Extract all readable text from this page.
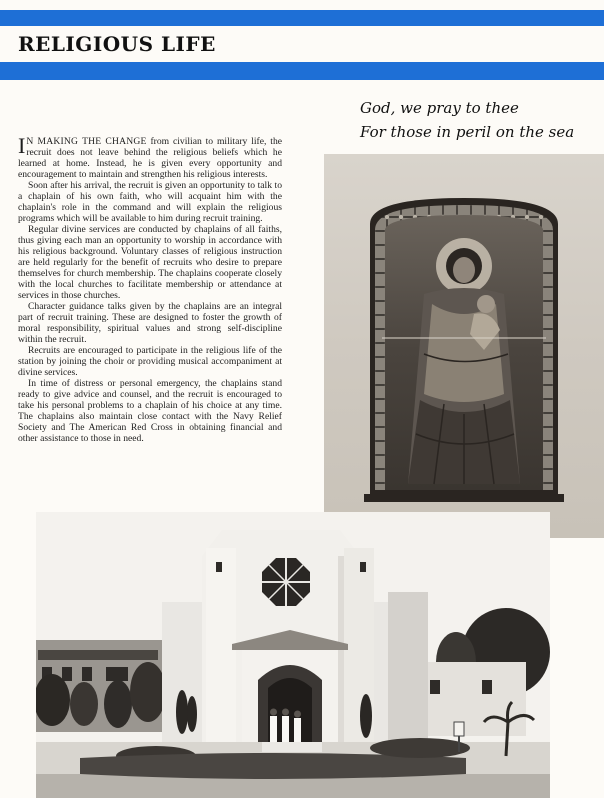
RELIGIOUS LIFE
God, we pray to thee
For those in peril on the sea

I N MAKING THE CHANGE from civilian to military life, the recruit does not leave behind the religious beliefs which he learned at home. Instead, he is given every opportunity and encouragement to maintain and strengthen his religious interests.

Soon after his arrival, the recruit is given an opportunity to talk to a chaplain of his own faith, who will acquaint him with the chaplain's role in the command and will explain the religious programs which will be available to him during recruit training.

Regular divine services are conducted by chaplains of all faiths, thus giving each man an opportunity to worship in accordance with his religious background. Voluntary classes of religious instruction are held regularly for the benefit of recruits who desire to prepare themselves for church membership. The chaplains cooperate closely with the local churches to facilitate membership or attendance at services in those churches.

Character guidance talks given by the chaplains are an integral part of recruit training. These are designed to foster the growth of moral responsibility, spiritual values and strong self-discipline within the recruit.

Recruits are encouraged to participate in the religious life of the station by joining the choir or providing musical accompaniment at divine services.

In time of distress or personal emergency, the chaplains stand ready to give advice and counsel, and the recruit is encouraged to take his personal problems to a chaplain of his choice at any time. The chaplains also maintain close contact with the Navy Relief Society and The American Red Cross in obtaining financial and other assistance to those in need.
